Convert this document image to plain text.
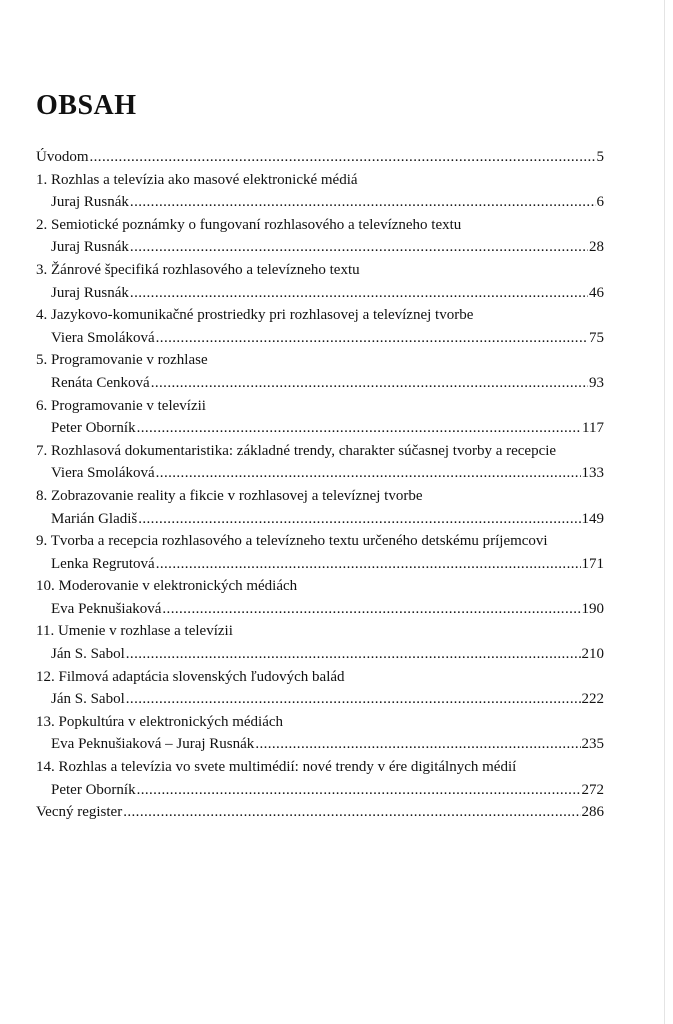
OBSAH
Úvodom .....	5
1. Rozhlas a televízia ako masové elektronické médiá
Juraj Rusnák .....	6
2. Semiotické poznámky o fungovaní rozhlasového a televízneho textu
Juraj Rusnák .....	28
3. Žánrové špecifiká rozhlasového a televízneho textu
Juraj Rusnák .....	46
4. Jazykovo-komunikačné prostriedky pri rozhlasovej a televíznej tvorbe
Viera Smoláková .....	75
5. Programovanie v rozhlase
Renáta Cenková .....	93
6. Programovanie v televízii
Peter Oborník .....	117
7. Rozhlasová dokumentaristika: základné trendy, charakter súčasnej tvorby a recepcie
Viera Smoláková .....	133
8. Zobrazovanie reality a fikcie v rozhlasovej a televíznej tvorbe
Marián Gladiš .....	149
9. Tvorba a recepcia rozhlasového a televízneho textu určeného detskému príjemcovi
Lenka Regrutová .....	171
10. Moderovanie v elektronických médiách
Eva Peknušiaková .....	190
11. Umenie v rozhlase a televízii
Ján S. Sabol .....	210
12. Filmová adaptácia slovenských ľudových balád
Ján S. Sabol .....	222
13. Popkultúra v elektronických médiách
Eva Peknušiaková – Juraj Rusnák .....	235
14. Rozhlas a televízia vo svete multimédií: nové trendy v ére digitálnych médií
Peter Oborník .....	272
Vecný register .....	286
